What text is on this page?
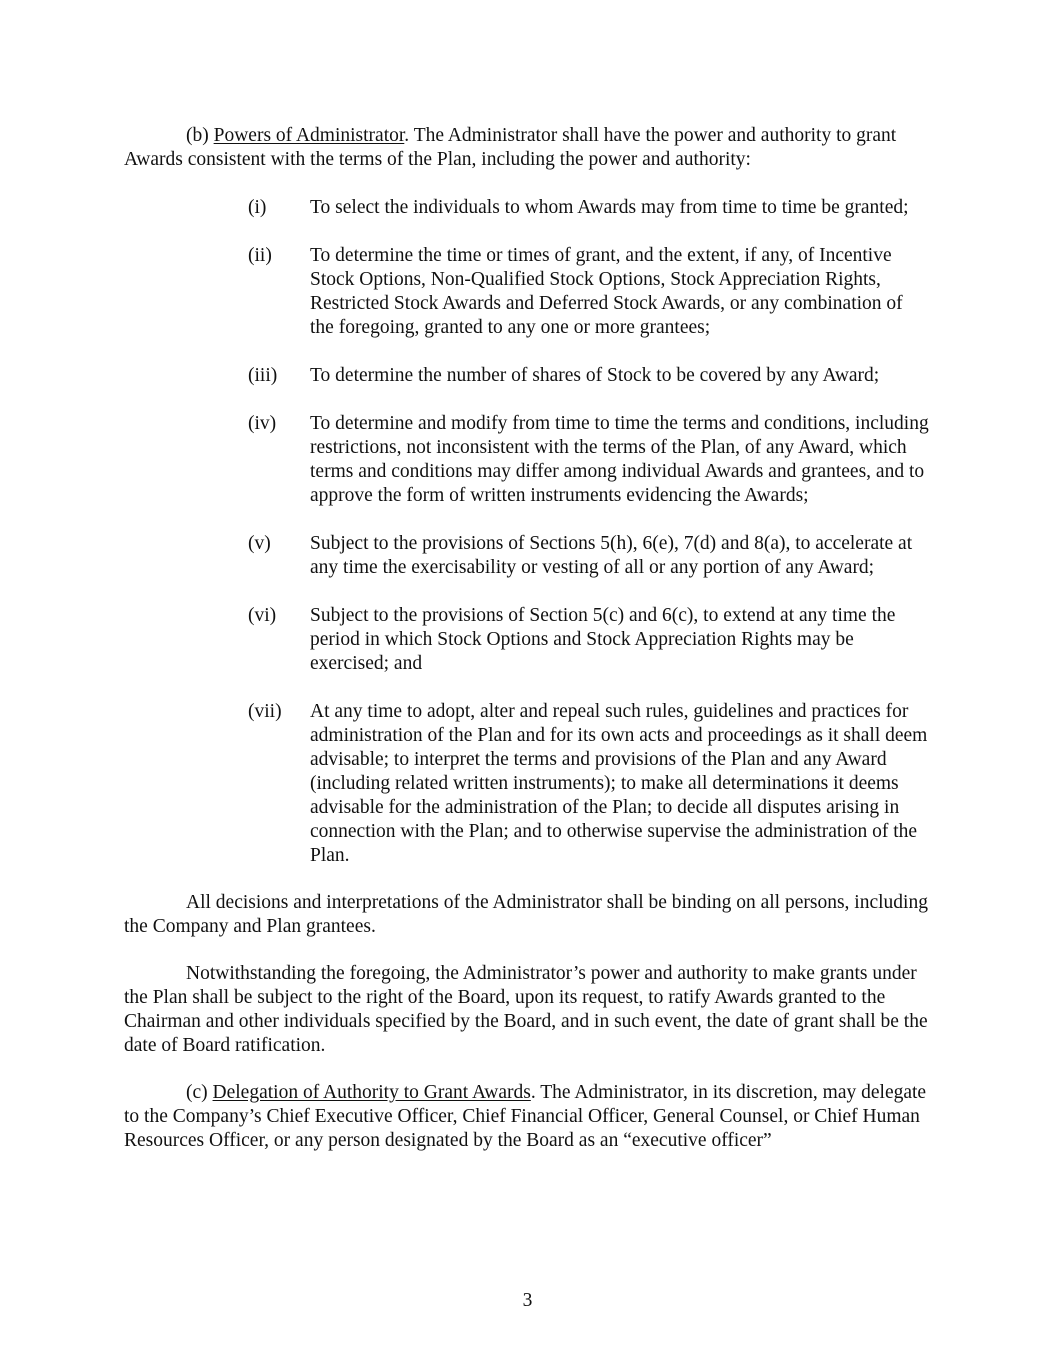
(b) Powers of Administrator. The Administrator shall have the power and authority to grant Awards consistent with the terms of the Plan, including the power and authority:

(i)	To select the individuals to whom Awards may from time to time be granted;
(ii)	To determine the time or times of grant, and the extent, if any, of Incentive Stock Options, Non-Qualified Stock Options, Stock Appreciation Rights, Restricted Stock Awards and Deferred Stock Awards, or any combination of the foregoing, granted to any one or more grantees;
(iii)	To determine the number of shares of Stock to be covered by any Award;
(iv)	To determine and modify from time to time the terms and conditions, including restrictions, not inconsistent with the terms of the Plan, of any Award, which terms and conditions may differ among individual Awards and grantees, and to approve the form of written instruments evidencing the Awards;
(v)	Subject to the provisions of Sections 5(h), 6(e), 7(d) and 8(a), to accelerate at any time the exercisability or vesting of all or any portion of any Award;
(vi)	Subject to the provisions of Section 5(c) and 6(c), to extend at any time the period in which Stock Options and Stock Appreciation Rights may be exercised; and
(vii)	At any time to adopt, alter and repeal such rules, guidelines and practices for administration of the Plan and for its own acts and proceedings as it shall deem advisable; to interpret the terms and provisions of the Plan and any Award (including related written instruments); to make all determinations it deems advisable for the administration of the Plan; to decide all disputes arising in connection with the Plan; and to otherwise supervise the administration of the Plan.

All decisions and interpretations of the Administrator shall be binding on all persons, including the Company and Plan grantees.

Notwithstanding the foregoing, the Administrator’s power and authority to make grants under the Plan shall be subject to the right of the Board, upon its request, to ratify Awards granted to the Chairman and other individuals specified by the Board, and in such event, the date of grant shall be the date of Board ratification.

(c) Delegation of Authority to Grant Awards. The Administrator, in its discretion, may delegate to the Company’s Chief Executive Officer, Chief Financial Officer, General Counsel, or Chief Human Resources Officer, or any person designated by the Board as an “executive officer”

3
